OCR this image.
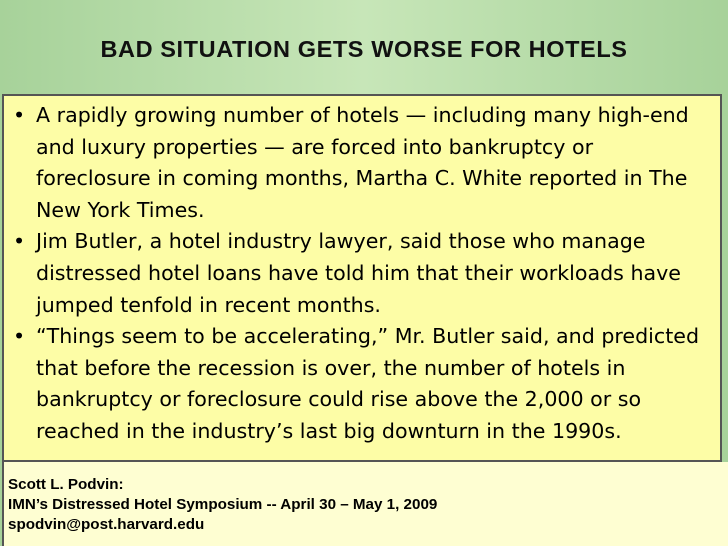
BAD SITUATION GETS WORSE FOR HOTELS
• A rapidly growing number of hotels — including many high-end and luxury properties — are forced into bankruptcy or foreclosure in coming months, Martha C. White reported in The New York Times.
• Jim Butler, a hotel industry lawyer, said those who manage distressed hotel loans have told him that their workloads have jumped tenfold in recent months.
• “Things seem to be accelerating,” Mr. Butler said, and predicted that before the recession is over, the number of hotels in bankruptcy or foreclosure could rise above the 2,000 or so reached in the industry’s last big downturn in the 1990s.
Scott L. Podvin:
IMN’s Distressed Hotel Symposium -- April 30 – May 1, 2009
spodvin@post.harvard.edu
